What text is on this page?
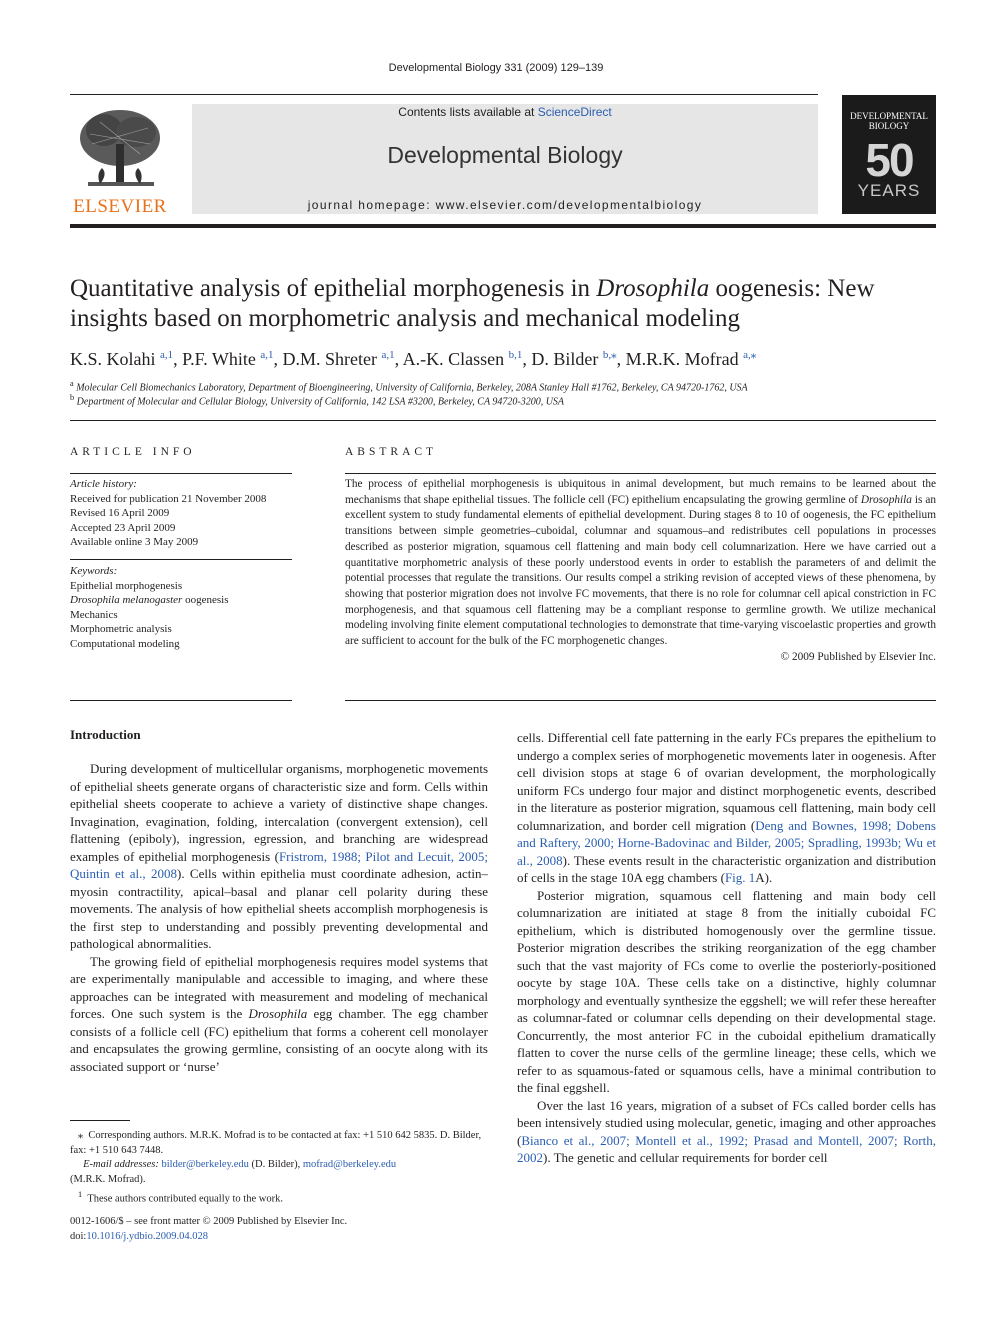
Developmental Biology 331 (2009) 129–139
ELSEVIER
Contents lists available at ScienceDirect
Developmental Biology
journal homepage: www.elsevier.com/developmentalbiology
DEVELOPMENTAL
BIOLOGY
50
YEARS
Quantitative analysis of epithelial morphogenesis in Drosophila oogenesis: New insights based on morphometric analysis and mechanical modeling
K.S. Kolahi $^{a,1}$, P.F. White $^{a,1}$, D.M. Shreter $^{a,1}$, A.-K. Classen $^{b,1}$, D. Bilder $^{b,⁎}$, M.R.K. Mofrad $^{a,⁎}$
$^a$ Molecular Cell Biomechanics Laboratory, Department of Bioengineering, University of California, Berkeley, 208A Stanley Hall #1762, Berkeley, CA 94720-1762, USA
$^b$ Department of Molecular and Cellular Biology, University of California, 142 LSA #3200, Berkeley, CA 94720-3200, USA
ARTICLE INFO
Article history:
Received for publication 21 November 2008
Revised 16 April 2009
Accepted 23 April 2009
Available online 3 May 2009
Keywords:
Epithelial morphogenesis
Drosophila melanogaster oogenesis
Mechanics
Morphometric analysis
Computational modeling
ABSTRACT
The process of epithelial morphogenesis is ubiquitous in animal development, but much remains to be learned about the mechanisms that shape epithelial tissues. The follicle cell (FC) epithelium encapsulating the growing germline of Drosophila is an excellent system to study fundamental elements of epithelial development. During stages 8 to 10 of oogenesis, the FC epithelium transitions between simple geometries–cuboidal, columnar and squamous–and redistributes cell populations in processes described as posterior migration, squamous cell flattening and main body cell columnarization. Here we have carried out a quantitative morphometric analysis of these poorly understood events in order to establish the parameters of and delimit the potential processes that regulate the transitions. Our results compel a striking revision of accepted views of these phenomena, by showing that posterior migration does not involve FC movements, that there is no role for columnar cell apical constriction in FC morphogenesis, and that squamous cell flattening may be a compliant response to germline growth. We utilize mechanical modeling involving finite element computational technologies to demonstrate that time-varying viscoelastic properties and growth are sufficient to account for the bulk of the FC morphogenetic changes.
© 2009 Published by Elsevier Inc.
Introduction

During development of multicellular organisms, morphogenetic movements of epithelial sheets generate organs of characteristic size and form. Cells within epithelial sheets cooperate to achieve a variety of distinctive shape changes. Invagination, evagination, folding, intercalation (convergent extension), cell flattening (epiboly), ingression, egression, and branching are widespread examples of epithelial morphogenesis (Fristrom, 1988; Pilot and Lecuit, 2005; Quintin et al., 2008). Cells within epithelia must coordinate adhesion, actin–myosin contractility, apical–basal and planar cell polarity during these movements. The analysis of how epithelial sheets accomplish morphogenesis is the first step to understanding and possibly preventing developmental and pathological abnormalities.

The growing field of epithelial morphogenesis requires model systems that are experimentally manipulable and accessible to imaging, and where these approaches can be integrated with measurement and modeling of mechanical forces. One such system is the Drosophila egg chamber. The egg chamber consists of a follicle cell (FC) epithelium that forms a coherent cell monolayer and encapsulates the growing germline, consisting of an oocyte along with its associated support or ‘nurse’

cells. Differential cell fate patterning in the early FCs prepares the epithelium to undergo a complex series of morphogenetic movements later in oogenesis. After cell division stops at stage 6 of ovarian development, the morphologically uniform FCs undergo four major and distinct morphogenetic events, described in the literature as posterior migration, squamous cell flattening, main body cell columnarization, and border cell migration (Deng and Bownes, 1998; Dobens and Raftery, 2000; Horne-Badovinac and Bilder, 2005; Spradling, 1993b; Wu et al., 2008). These events result in the characteristic organization and distribution of cells in the stage 10A egg chambers (Fig. 1A).

Posterior migration, squamous cell flattening and main body cell columnarization are initiated at stage 8 from the initially cuboidal FC epithelium, which is distributed homogenously over the germline tissue. Posterior migration describes the striking reorganization of the egg chamber such that the vast majority of FCs come to overlie the posteriorly-positioned oocyte by stage 10A. These cells take on a distinctive, highly columnar morphology and eventually synthesize the eggshell; we will refer these hereafter as columnar-fated or columnar cells depending on their developmental stage. Concurrently, the most anterior FC in the cuboidal epithelium dramatically flatten to cover the nurse cells of the germline lineage; these cells, which we refer to as squamous-fated or squamous cells, have a minimal contribution to the final eggshell.

Over the last 16 years, migration of a subset of FCs called border cells has been intensively studied using molecular, genetic, imaging and other approaches (Bianco et al., 2007; Montell et al., 1992; Prasad and Montell, 2007; Rorth, 2002). The genetic and cellular requirements for border cell

⁎ Corresponding authors. M.R.K. Mofrad is to be contacted at fax: +1 510 642 5835. D. Bilder, fax: +1 510 643 7448.

E-mail addresses: bilder@berkeley.edu (D. Bilder), mofrad@berkeley.edu
(M.R.K. Mofrad).

$^1$ These authors contributed equally to the work.

0012-1606/$ – see front matter © 2009 Published by Elsevier Inc.
doi:10.1016/j.ydbio.2009.04.028
